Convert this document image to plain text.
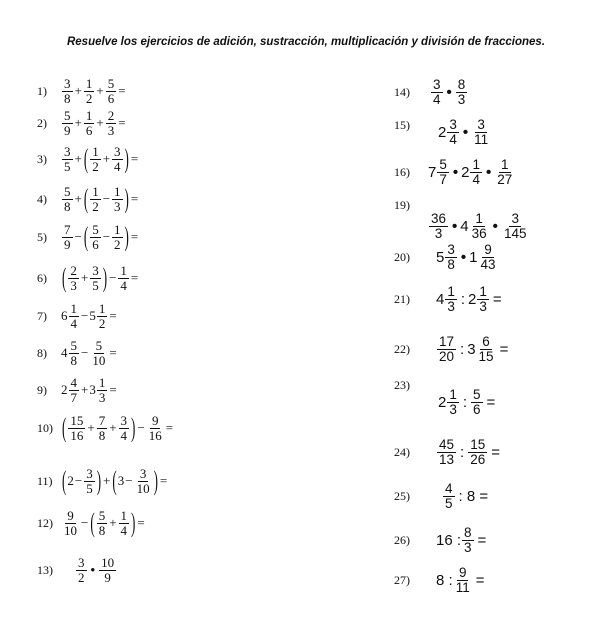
Resuelve los ejercicios de adición, sustracción, multiplicación y división de fracciones.
1)	$\frac{3}{8} + \frac{1}{2} + \frac{5}{6}$ =
2)	$\frac{5}{9} + \frac{1}{6} + \frac{2}{3}$ =
3)	$\frac{3}{5}$ + ( $\frac{1}{2} + \frac{3}{4}$ ) =
4)	$\frac{5}{8}$ + ( $\frac{1}{2} - \frac{1}{3}$ ) =
5)	$\frac{7}{9}$ − ( $\frac{5}{6} - \frac{1}{2}$ ) =
6)	( $\frac{2}{3} + \frac{3}{5}$ ) − $\frac{1}{4}$ =
7)	$6 \frac{1}{4} - 5 \frac{1}{2}$ =
8)	$4 \frac{5}{8} - \frac{5}{10}$ =
9)	$2 \frac{4}{7} + 3 \frac{1}{3}$ =
10) ( $\frac{15}{16} + \frac{7}{8} + \frac{3}{4}$ ) − $\frac{9}{16}$ =
11) ( $2 - \frac{3}{5}$ ) + ( $3 - \frac{3}{10}$ ) =
$12) \frac{9}{10}$ − ( $\frac{5}{8} + \frac{1}{4}$ ) =
13)	$\frac{3}{2}$ • $\frac{10}{9}$
14)	$\frac{3}{4}$ • $\frac{8}{3}$
15)	$2 \frac{3}{4}$ • $\frac{3}{11}$
16)	$7 \frac{5}{7}$ • $2 \frac{1}{4}$ • $\frac{1}{27}$
19)
$\frac{36}{3}$ • $4 \frac{1}{36}$ • $\frac{3}{145}$
20)	$5 \frac{3}{8}$ • $1 \frac{9}{43}$
21)	$4 \frac{1}{3}$ : $2 \frac{1}{3}$ =
22)	$\frac{17}{20}$ : $3 \frac{6}{15}$ =
23)
$2 \frac{1}{3}$ : $\frac{5}{6}$ =
24)	$\frac{45}{13}$ : $\frac{15}{26}$ =
25)	$\frac{4}{5}$ : 8 =
26)	16 : $\frac{8}{3}$ =
27)	8 : $\frac{9}{11}$ =
